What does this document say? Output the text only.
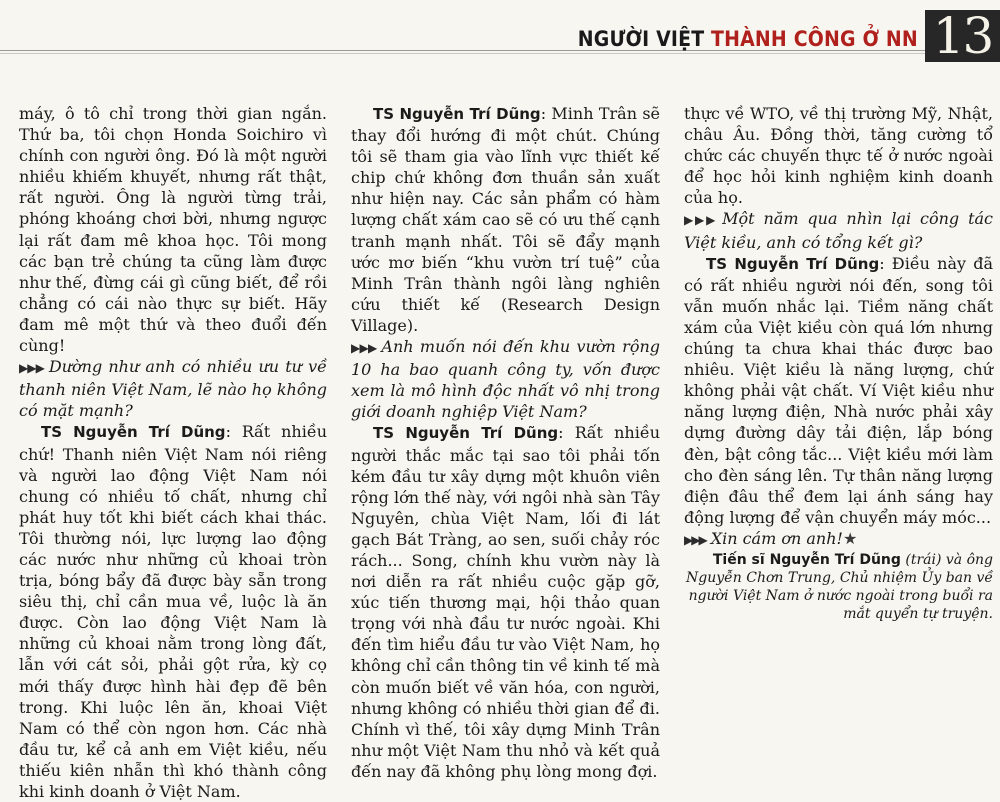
NGƯỜI VIỆT THÀNH CÔNG Ở NN 13

máy, ô tô chỉ trong thời gian ngắn. Thứ ba, tôi chọn Honda Soichiro vì chính con người ông. Đó là một người nhiều khiếm khuyết, nhưng rất thật, rất người. Ông là người từng trải, phóng khoáng chơi bời, nhưng ngược lại rất đam mê khoa học. Tôi mong các bạn trẻ chúng ta cũng làm được như thế, đừng cái gì cũng biết, để rồi chẳng có cái nào thực sự biết. Hãy đam mê một thứ và theo đuổi đến cùng!

▶▶▶ Dường như anh có nhiều ưu tư về thanh niên Việt Nam, lẽ nào họ không có mặt mạnh?

TS Nguyễn Trí Dũng: Rất nhiều chứ! Thanh niên Việt Nam nói riêng và người lao động Việt Nam nói chung có nhiều tố chất, nhưng chỉ phát huy tốt khi biết cách khai thác. Tôi thường nói, lực lượng lao động các nước như những củ khoai tròn trịa, bóng bẩy đã được bày sẵn trong siêu thị, chỉ cần mua về, luộc là ăn được. Còn lao động Việt Nam là những củ khoai nằm trong lòng đất, lẫn với cát sỏi, phải gột rửa, kỳ cọ mới thấy được hình hài đẹp đẽ bên trong. Khi luộc lên ăn, khoai Việt Nam có thể còn ngon hơn. Các nhà đầu tư, kể cả anh em Việt kiều, nếu thiếu kiên nhẫn thì khó thành công khi kinh doanh ở Việt Nam.

TS Nguyễn Trí Dũng: Minh Trân sẽ thay đổi hướng đi một chút. Chúng tôi sẽ tham gia vào lĩnh vực thiết kế chip chứ không đơn thuần sản xuất như hiện nay. Các sản phẩm có hàm lượng chất xám cao sẽ có ưu thế cạnh tranh mạnh nhất. Tôi sẽ đẩy mạnh ước mơ biến “khu vườn trí tuệ” của Minh Trân thành ngôi làng nghiên cứu thiết kế (Research Design Village).

▶▶▶ Anh muốn nói đến khu vườn rộng 10 ha bao quanh công ty, vốn được xem là mô hình độc nhất vô nhị trong giới doanh nghiệp Việt Nam?

TS Nguyễn Trí Dũng: Rất nhiều người thắc mắc tại sao tôi phải tốn kém đầu tư xây dựng một khuôn viên rộng lớn thế này, với ngôi nhà sàn Tây Nguyên, chùa Việt Nam, lối đi lát gạch Bát Tràng, ao sen, suối chảy róc rách... Song, chính khu vườn này là nơi diễn ra rất nhiều cuộc gặp gỡ, xúc tiến thương mại, hội thảo quan trọng với nhà đầu tư nước ngoài. Khi đến tìm hiểu đầu tư vào Việt Nam, họ không chỉ cần thông tin về kinh tế mà còn muốn biết về văn hóa, con người, nhưng không có nhiều thời gian để đi. Chính vì thế, tôi xây dựng Minh Trân như một Việt Nam thu nhỏ và kết quả đến nay đã không phụ lòng mong đợi.

thực về WTO, về thị trường Mỹ, Nhật, châu Âu. Đồng thời, tăng cường tổ chức các chuyến thực tế ở nước ngoài để học hỏi kinh nghiệm kinh doanh của họ.

▶▶▶ Một năm qua nhìn lại công tác Việt kiều, anh có tổng kết gì?

TS Nguyễn Trí Dũng: Điều này đã có rất nhiều người nói đến, song tôi vẫn muốn nhắc lại. Tiềm năng chất xám của Việt kiều còn quá lớn nhưng chúng ta chưa khai thác được bao nhiêu. Việt kiều là năng lượng, chứ không phải vật chất. Ví Việt kiều như năng lượng điện, Nhà nước phải xây dựng đường dây tải điện, lắp bóng đèn, bật công tắc... Việt kiều mới làm cho đèn sáng lên. Tự thân năng lượng điện đâu thể đem lại ánh sáng hay động lượng để vận chuyển máy móc...

▶▶▶ Xin cám ơn anh!★

Tiến sĩ Nguyễn Trí Dũng (trái) và ông Nguyễn Chơn Trung, Chủ nhiệm Ủy ban về người Việt Nam ở nước ngoài trong buổi ra mắt quyển tự truyện.
